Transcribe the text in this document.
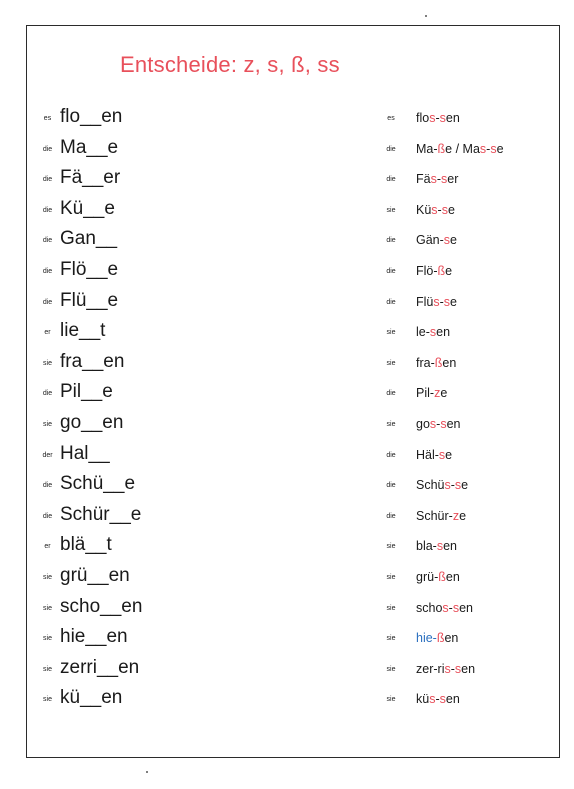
Entscheide: z, s, ß, ss
es flo__en	es	flos-sen
die Ma__e	die	Ma-ße / Mas-se
die Fä__er	die	Fäs-ser
die Kü__e	sie	Küs-se
die Gan__	die	Gän-se
die Flö__e	die	Flö-ße
die Flü__e	die	Flüs-se
er lie__t	sie	le-sen
sie fra__en	sie	fra-ßen
die Pil__e	die	Pil-ze
sie go__en	sie	gos-sen
der Hal__	die	Häl-se
die Schü__e	die	Schüs-se
die Schür__e	die	Schür-ze
er blä__t	sie	bla-sen
sie grü__en	sie	grü-ßen
sie scho__en	sie	schos-sen
sie hie__en	sie	hie-ßen
sie zerri__en	sie	zer-ris-sen
sie kü__en	sie	küs-sen
